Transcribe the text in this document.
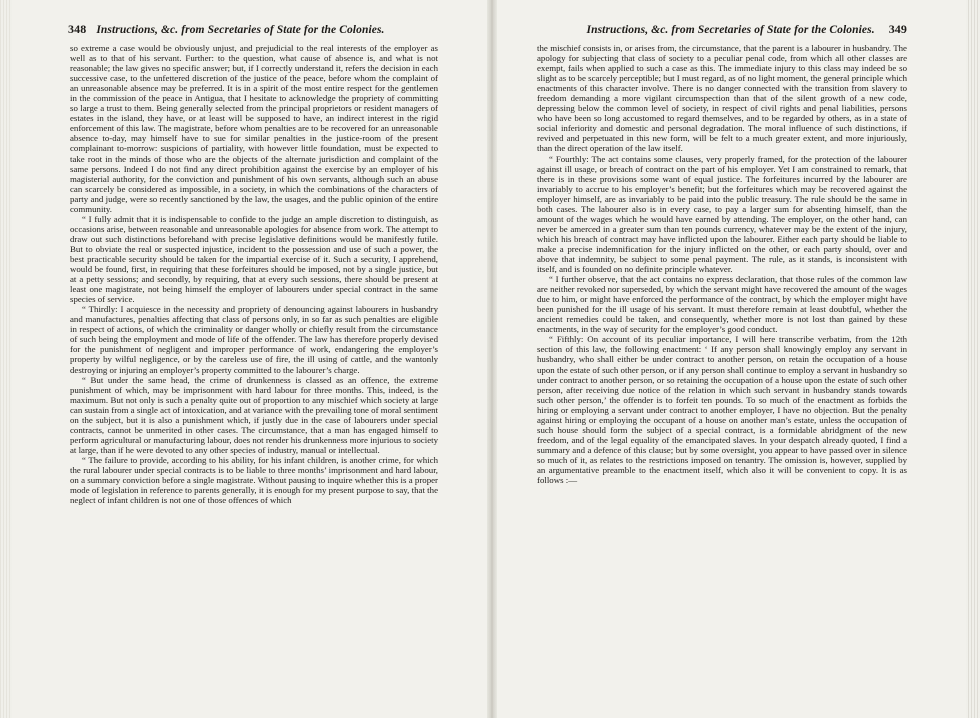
348 Instructions, &c. from Secretaries of State for the Colonies.

so extreme a case would be obviously unjust, and prejudicial to the real interests of the employer as well as to that of his servant. Further: to the question, what cause of absence is, and what is not reasonable; the law gives no specific answer; but, if I correctly understand it, refers the decision in each successive case, to the unfettered discretion of the justice of the peace, before whom the complaint of an unreasonable absence may be preferred. It is in a spirit of the most entire respect for the gentlemen in the commission of the peace in Antigua, that I hesitate to acknowledge the propriety of committing so large a trust to them. Being generally selected from the principal proprietors or resident managers of estates in the island, they have, or at least will be supposed to have, an indirect interest in the rigid enforcement of this law. The magistrate, before whom penalties are to be recovered for an unreasonable absence to-day, may himself have to sue for similar penalties in the justice-room of the present complainant to-morrow: suspicions of partiality, with however little foundation, must be expected to take root in the minds of those who are the objects of the alternate jurisdiction and complaint of the same persons. Indeed I do not find any direct prohibition against the exercise by an employer of his magisterial authority, for the conviction and punishment of his own servants, although such an abuse can scarcely be considered as impossible, in a society, in which the combinations of the characters of party and judge, were so recently sanctioned by the law, the usages, and the public opinion of the entire community.

“ I fully admit that it is indispensable to confide to the judge an ample discretion to distinguish, as occasions arise, between reasonable and unreasonable apologies for absence from work. The attempt to draw out such distinctions beforehand with precise legislative definitions would be manifestly futile. But to obviate the real or suspected injustice, incident to the possession and use of such a power, the best practicable security should be taken for the impartial exercise of it. Such a security, I apprehend, would be found, first, in requiring that these forfeitures should be imposed, not by a single justice, but at a petty sessions; and secondly, by requiring, that at every such sessions, there should be present at least one magistrate, not being himself the employer of labourers under special contract in the same species of service.

“ Thirdly: I acquiesce in the necessity and propriety of denouncing against labourers in husbandry and manufactures, penalties affecting that class of persons only, in so far as such penalties are eligible in respect of actions, of which the criminality or danger wholly or chiefly result from the circumstance of such being the employment and mode of life of the offender. The law has therefore properly devised for the punishment of negligent and improper performance of work, endangering the employer’s property by wilful negligence, or by the careless use of fire, the ill using of cattle, and the wantonly destroying or injuring an employer’s property committed to the labourer’s charge.

“ But under the same head, the crime of drunkenness is classed as an offence, the extreme punishment of which, may be imprisonment with hard labour for three months. This, indeed, is the maximum. But not only is such a penalty quite out of proportion to any mischief which society at large can sustain from a single act of intoxication, and at variance with the prevailing tone of moral sentiment on the subject, but it is also a punishment which, if justly due in the case of labourers under special contracts, cannot be unmerited in other cases. The circumstance, that a man has engaged himself to perform agricultural or manufacturing labour, does not render his drunkenness more injurious to society at large, than if he were devoted to any other species of industry, manual or intellectual.

“ The failure to provide, according to his ability, for his infant children, is another crime, for which the rural labourer under special contracts is to be liable to three months’ imprisonment and hard labour, on a summary conviction before a single magistrate. Without pausing to inquire whether this is a proper mode of legislation in reference to parents generally, it is enough for my present purpose to say, that the neglect of infant children is not one of those offences of which

Instructions, &c. from Secretaries of State for the Colonies.	349

the mischief consists in, or arises from, the circumstance, that the parent is a labourer in husbandry. The apology for subjecting that class of society to a peculiar penal code, from which all other classes are exempt, fails when applied to such a case as this. The immediate injury to this class may indeed be so slight as to be scarcely perceptible; but I must regard, as of no light moment, the general principle which enactments of this character involve. There is no danger connected with the transition from slavery to freedom demanding a more vigilant circumspection than that of the silent growth of a new code, depressing below the common level of society, in respect of civil rights and penal liabilities, persons who have been so long accustomed to regard themselves, and to be regarded by others, as in a state of social inferiority and domestic and personal degradation. The moral influence of such distinctions, if revived and perpetuated in this new form, will be felt to a much greater extent, and more injuriously, than the direct operation of the law itself.

“ Fourthly: The act contains some clauses, very properly framed, for the protection of the labourer against ill usage, or breach of contract on the part of his employer. Yet I am constrained to remark, that there is in these provisions some want of equal justice. The forfeitures incurred by the labourer are invariably to accrue to his employer’s benefit; but the forfeitures which may be recovered against the employer himself, are as invariably to be paid into the public treasury. The rule should be the same in both cases. The labourer also is in every case, to pay a larger sum for absenting himself, than the amount of the wages which he would have earned by attending. The employer, on the other hand, can never be amerced in a greater sum than ten pounds currency, whatever may be the extent of the injury, which his breach of contract may have inflicted upon the labourer. Either each party should be liable to make a precise indemnification for the injury inflicted on the other, or each party should, over and above that indemnity, be subject to some penal payment. The rule, as it stands, is inconsistent with itself, and is founded on no definite principle whatever.

“ I further observe, that the act contains no express declaration, that those rules of the common law are neither revoked nor superseded, by which the servant might have recovered the amount of the wages due to him, or might have enforced the performance of the contract, by which the employer might have been punished for the ill usage of his servant. It must therefore remain at least doubtful, whether the ancient remedies could be taken, and consequently, whether more is not lost than gained by these enactments, in the way of security for the employer’s good conduct.

“ Fifthly: On account of its peculiar importance, I will here transcribe verbatim, from the 12th section of this law, the following enactment: ‘ If any person shall knowingly employ any servant in husbandry, who shall either be under contract to another person, on retain the occupation of a house upon the estate of such other person, or if any person shall continue to employ a servant in husbandry so under contract to another person, or so retaining the occupation of a house upon the estate of such other person, after receiving due notice of the relation in which such servant in husbandry stands towards such other person,’ the offender is to forfeit ten pounds. To so much of the enactment as forbids the hiring or employing a servant under contract to another employer, I have no objection. But the penalty against hiring or employing the occupant of a house on another man’s estate, unless the occupation of such house should form the subject of a special contract, is a formidable abridgment of the new freedom, and of the legal equality of the emancipated slaves. In your despatch already quoted, I find a summary and a defence of this clause; but by some oversight, you appear to have passed over in silence so much of it, as relates to the restrictions imposed on tenantry. The omission is, however, supplied by an argumentative preamble to the enactment itself, which also it will be convenient to copy. It is as follows :—
